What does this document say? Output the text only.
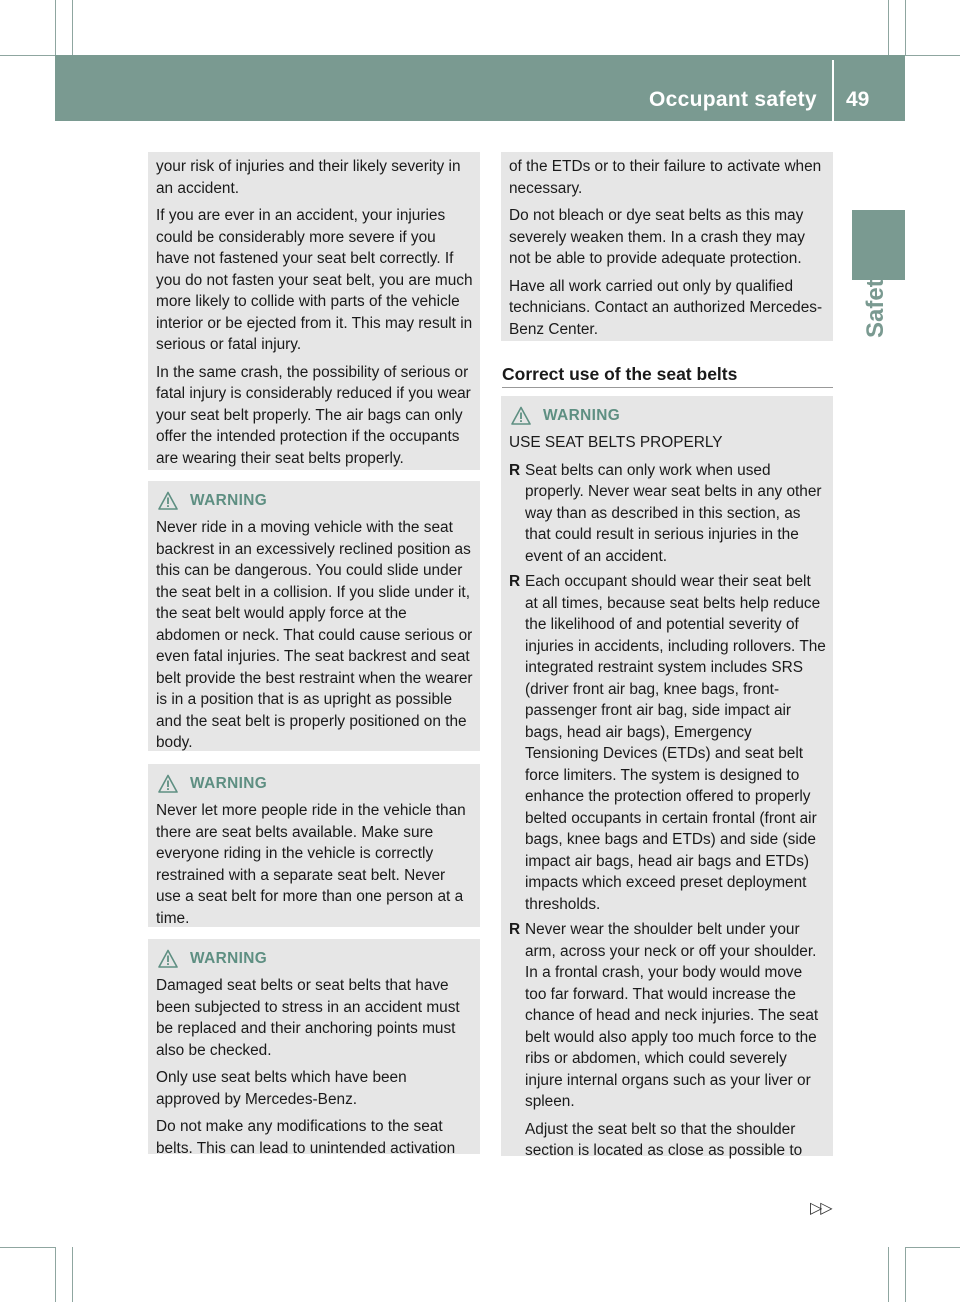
Occupant safety 49
Safety

your risk of injuries and their likely severity in an accident.

If you are ever in an accident, your injuries could be considerably more severe if you have not fastened your seat belt correctly. If you do not fasten your seat belt, you are much more likely to collide with parts of the vehicle interior or be ejected from it. This may result in serious or fatal injury.

In the same crash, the possibility of serious or fatal injury is considerably reduced if you wear your seat belt properly. The air bags can only offer the intended protection if the occupants are wearing their seat belts properly.

WARNING

Never ride in a moving vehicle with the seat backrest in an excessively reclined position as this can be dangerous. You could slide under the seat belt in a collision. If you slide under it, the seat belt would apply force at the abdomen or neck. That could cause serious or even fatal injuries. The seat backrest and seat belt provide the best restraint when the wearer is in a position that is as upright as possible and the seat belt is properly positioned on the body.

WARNING

Never let more people ride in the vehicle than there are seat belts available. Make sure everyone riding in the vehicle is correctly restrained with a separate seat belt. Never use a seat belt for more than one person at a time.

WARNING

Damaged seat belts or seat belts that have been subjected to stress in an accident must be replaced and their anchoring points must also be checked.

Only use seat belts which have been approved by Mercedes-Benz.

Do not make any modifications to the seat belts. This can lead to unintended activation

of the ETDs or to their failure to activate when necessary.

Do not bleach or dye seat belts as this may severely weaken them. In a crash they may not be able to provide adequate protection.

Have all work carried out only by qualified technicians. Contact an authorized Mercedes-Benz Center.

Correct use of the seat belts
WARNING

USE SEAT BELTS PROPERLY

R Seat belts can only work when used properly. Never wear seat belts in any other way than as described in this section, as that could result in serious injuries in the event of an accident.

R Each occupant should wear their seat belt at all times, because seat belts help reduce the likelihood of and potential severity of injuries in accidents, including rollovers. The integrated restraint system includes SRS (driver front air bag, knee bags, front-passenger front air bag, side impact air bags, head air bags), Emergency Tensioning Devices (ETDs) and seat belt force limiters. The system is designed to enhance the protection offered to properly belted occupants in certain frontal (front air bags, knee bags and ETDs) and side (side impact air bags, head air bags and ETDs) impacts which exceed preset deployment thresholds.

R Never wear the shoulder belt under your arm, across your neck or off your shoulder. In a frontal crash, your body would move too far forward. That would increase the chance of head and neck injuries. The seat belt would also apply too much force to the ribs or abdomen, which could severely injure internal organs such as your liver or spleen.

Adjust the seat belt so that the shoulder section is located as close as possible to

▷▷
